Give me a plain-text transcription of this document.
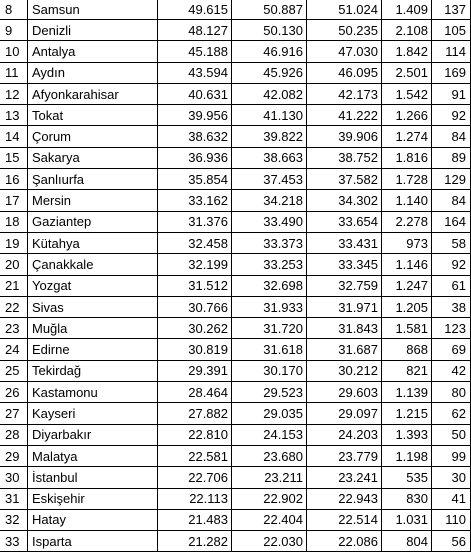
8	Samsun	49.615	50.887	51.024	1.409	137
9	Denizli	48.127	50.130	50.235	2.108	105
10 Antalya	45.188	46.916	47.030	1.842	114
11	Aydın	43.594	45.926	46.095	2.501	169
12 Afyonkarahisar	40.631	42.082	42.173	1.542	91
13 Tokat	39.956	41.130	41.222	1.266	92
14 Çorum	38.632	39.822	39.906	1.274	84
15 Sakarya	36.936	38.663	38.752	1.816	89
16 Şanlıurfa	35.854	37.453	37.582	1.728	129
17 Mersin	33.162	34.218	34.302	1.140	84
18 Gaziantep	31.376	33.490	33.654	2.278	164
19 Kütahya	32.458	33.373	33.431	973	58
20 Çanakkale	32.199	33.253	33.345	1.146	92
21 Yozgat	31.512	32.698	32.759	1.247	61
22 Sivas	30.766	31.933	31.971	1.205	38
23 Muğla	30.262	31.720	31.843	1.581	123
24 Edirne	30.819	31.618	31.687	868	69
25 Tekirdağ	29.391	30.170	30.212	821	42
26 Kastamonu	28.464	29.523	29.603	1.139	80
27 Kayseri	27.882	29.035	29.097	1.215	62
28 Diyarbakır	22.810	24.153	24.203	1.393	50
29 Malatya	22.581	23.680	23.779	1.198	99
30 İstanbul	22.706	23.211	23.241	535	30
31 Eskişehir	22.113	22.902	22.943	830	41
32 Hatay	21.483	22.404	22.514	1.031	110
33 Isparta	21.282	22.030	22.086	804	56
